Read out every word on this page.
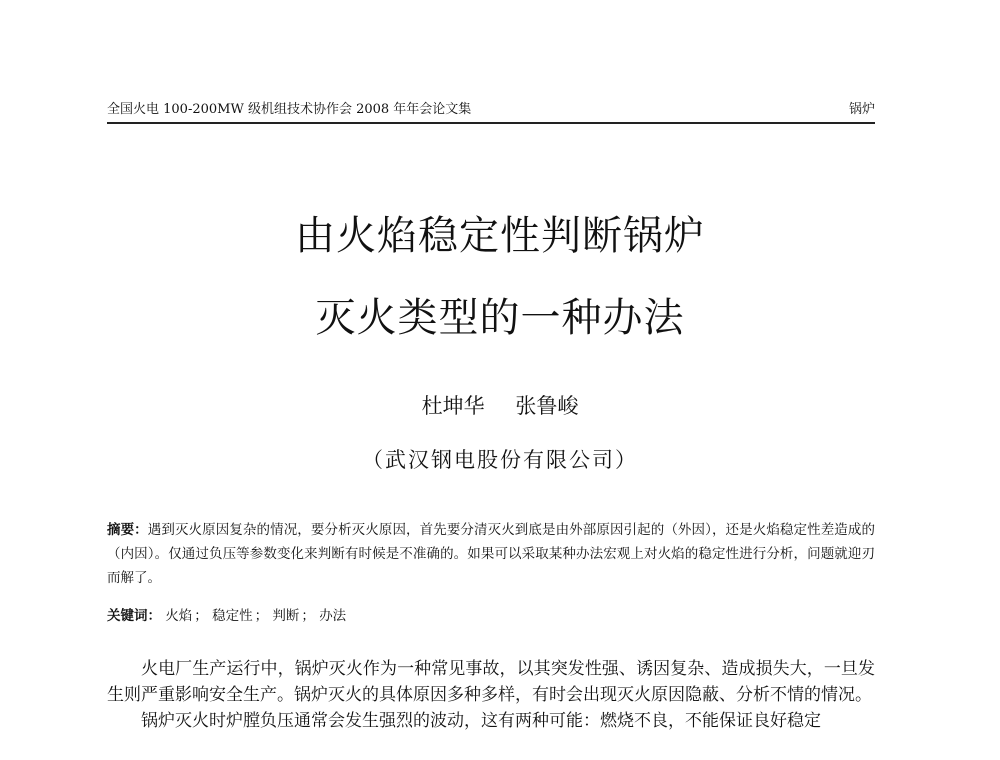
全国火电 100-200MW 级机组技术协作会 2008 年年会论文集	锅炉
由火焰稳定性判断锅炉
灭火类型的一种办法
杜坤华 张鲁峻
（武汉钢电股份有限公司）
摘要：遇到灭火原因复杂的情况，要分析灭火原因，首先要分清灭火到底是由外部原因引起的（外因），还是火焰稳定性差造成的（内因）。仅通过负压等参数变化来判断有时候是不准确的。如果可以采取某种办法宏观上对火焰的稳定性进行分析，问题就迎刃而解了。
关键词： 火焰 ； 稳定性 ； 判断 ； 办法

火电厂生产运行中，锅炉灭火作为一种常见事故，以其突发性强、诱因复杂、造成损失大，一旦发生则严重影响安全生产。锅炉灭火的具体原因多种多样，有时会出现灭火原因隐蔽、分析不情的情况。

锅炉灭火时炉膛负压通常会发生强烈的波动，这有两种可能：燃烧不良，不能保证良好稳定
